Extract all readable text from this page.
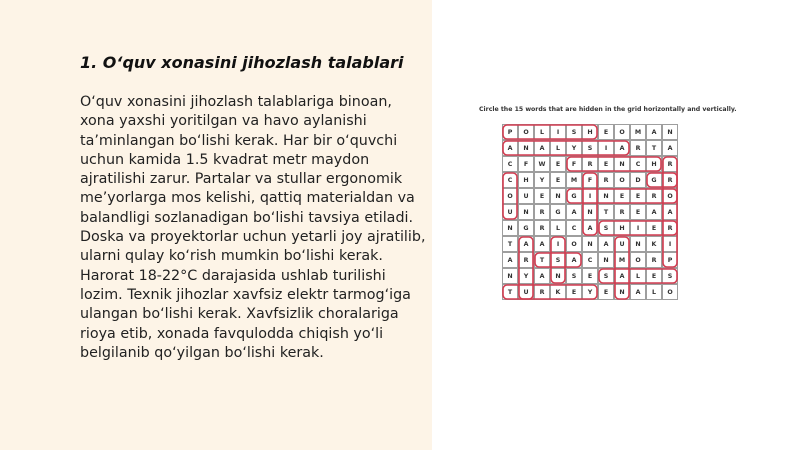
1. O‘quv xonasini jihozlash talablari
O‘quv xonasini jihozlash talablariga binoan, xona yaxshi yoritilgan va havo aylanishi ta’minlangan bo‘lishi kerak. Har bir o‘quvchi uchun kamida 1.5 kvadrat metr maydon ajratilishi zarur. Partalar va stullar ergonomik me’yorlarga mos kelishi, qattiq materialdan va balandligi sozlanadigan bo‘lishi tavsiya etiladi. Doska va proyektorlar uchun yetarli joy ajratilib, ularni qulay ko‘rish mumkin bo‘lishi kerak. Harorat 18-22°C darajasida ushlab turilishi lozim. Texnik jihozlar xavfsiz elektr tarmog‘iga ulangan bo‘lishi kerak. Xavfsizlik choralariga rioya etib, xonada favqulodda chiqish yo‘li belgilanib qo‘yilgan bo‘lishi kerak.
Circle the 15 words that are hidden in the grid horizontally and vertically.
P	O	L	I	S	H	E	O	M	A	N
A	N	A	L	Y	S	I	A	R	T	A
C	F	W	E	F	R	E	N	C	H	R
C	H	Y	E	M	F	R	O	D	G	R
O	U	E	N	G	I	N	E	E	R	O
U	N	R	G	A	N	T	R	E	A	A
N	G	R	L	C	A	S	H	I	E	R
T	A	A	I	O	N	A	U	N	K	I
A	R	T	S	A	C	N	M	O	R	P
N	Y	A	N	S	E	S	A	L	E	S
T	U	R	K	E	Y	E	N	A	L	O
